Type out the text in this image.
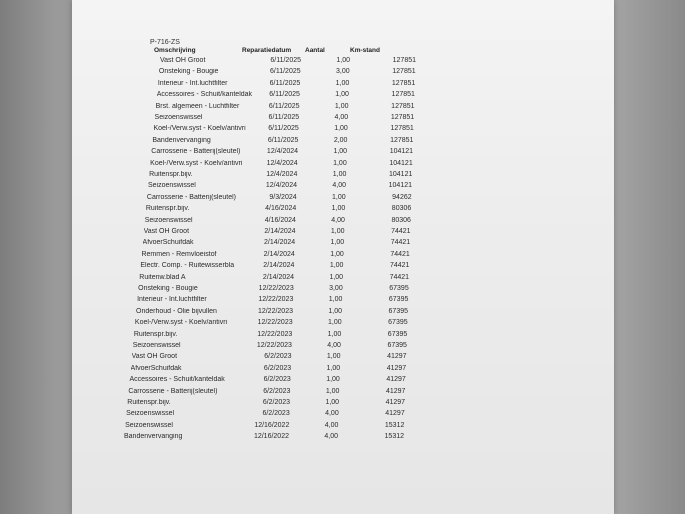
P-716-ZS
Omschrijving	Reparatiedatum Aantal	Km-stand
Vast OH Groot	6/11/2025	1,00	127851
Onsteking - Bougie	6/11/2025	3,00	127851
Interieur - Int.luchtfilter	6/11/2025	1,00	127851
Accessoires - Schuit/kanteldak	6/11/2025	1,00	127851
Brst. algemeen - Luchtfilter	6/11/2025	1,00	127851
Seizoenswissel	6/11/2025	4,00	127851
Koel-/Verw.syst - Koelv/antivri	6/11/2025	1,00	127851
Bandenvervanging	6/11/2025	2,00	127851
Carrosserie - Batterij(sleutel)	12/4/2024	1,00	104121
Koel-/Verw.syst - Koelv/antivri	12/4/2024	1,00	104121
Ruitenspr.bijv.	12/4/2024	1,00	104121
Seizoenswissel	12/4/2024	4,00	104121
Carrosserie - Batterij(sleutel)	9/3/2024	1,00	94262
Ruitenspr.bijv.	4/16/2024	1,00	80306
Seizoenswissel	4/16/2024	4,00	80306
Vast OH Groot	2/14/2024	1,00	74421
AfvoerSchuifdak	2/14/2024	1,00	74421
Remmen - Remvloeistof	2/14/2024	1,00	74421
Electr. Comp. - Ruitewisserbla	2/14/2024	1,00	74421
Ruitenw.blad A	2/14/2024	1,00	74421
Onsteking - Bougie	12/22/2023	3,00	67395
Interieur - Int.luchtfilter	12/22/2023	1,00	67395
Onderhoud - Olie bijvullen	12/22/2023	1,00	67395
Koel-/Verw.syst - Koelv/antivri	12/22/2023	1,00	67395
Ruitenspr.bijv.	12/22/2023	1,00	67395
Seizoenswissel	12/22/2023	4,00	67395
Vast OH Groot	6/2/2023	1,00	41297
AfvoerSchuifdak	6/2/2023	1,00	41297
Accessoires - Schuit/kanteldak	6/2/2023	1,00	41297
Carrosserie - Batterij(sleutel)	6/2/2023	1,00	41297
Ruitenspr.bijv.	6/2/2023	1,00	41297
Seizoenswissel	6/2/2023	4,00	41297
Seizoenswissel	12/16/2022	4,00	15312
Bandenvervanging	12/16/2022	4,00	15312
